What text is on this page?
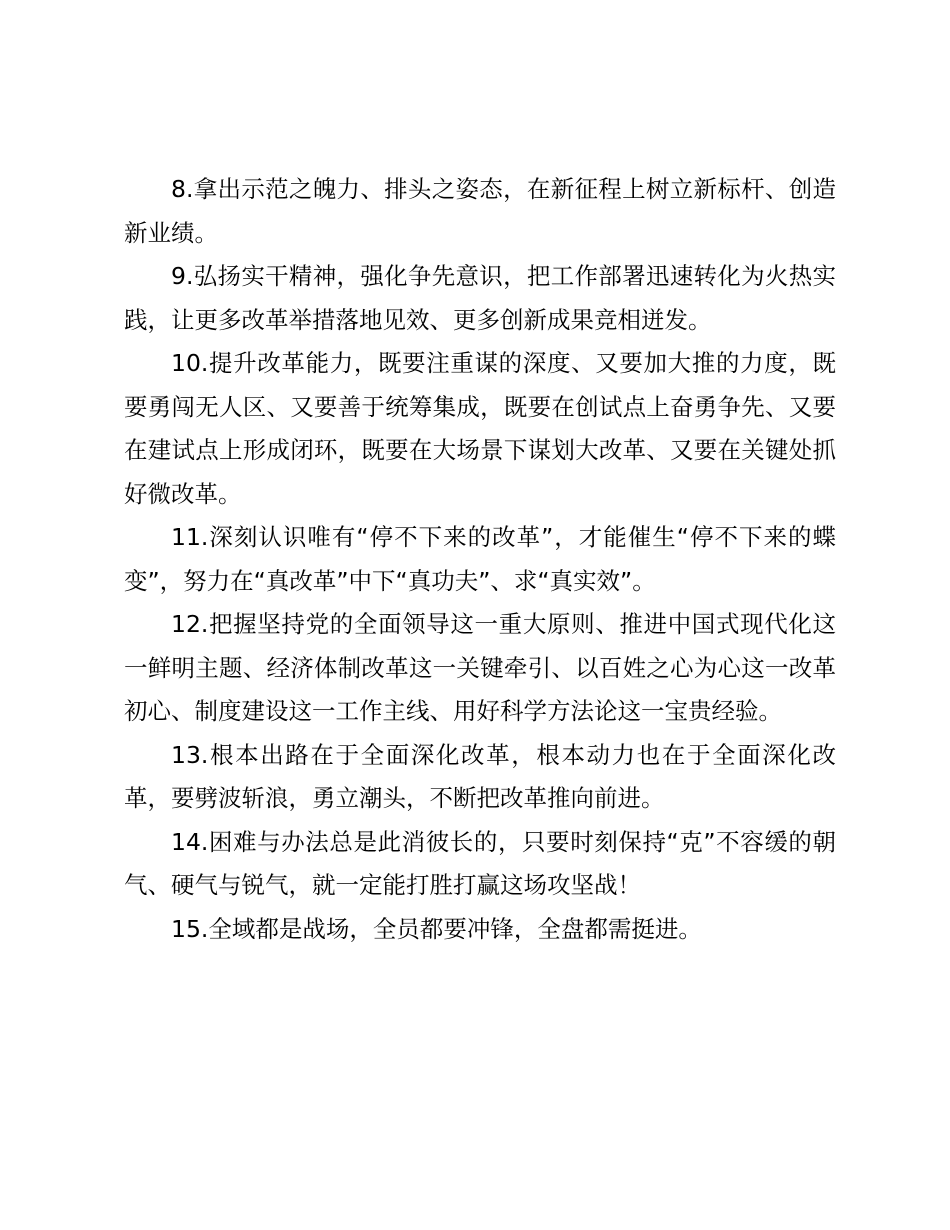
8.拿出示范之魄力、排头之姿态，在新征程上树立新标杆、创造新业绩。

9.弘扬实干精神，强化争先意识，把工作部署迅速转化为火热实践，让更多改革举措落地见效、更多创新成果竞相迸发。

10.提升改革能力，既要注重谋的深度、又要加大推的力度，既要勇闯无人区、又要善于统筹集成，既要在创试点上奋勇争先、又要在建试点上形成闭环，既要在大场景下谋划大改革、又要在关键处抓好微改革。

11.深刻认识唯有“停不下来的改革”，才能催生“停不下来的蝶变”，努力在“真改革”中下“真功夫”、求“真实效”。

12.把握坚持党的全面领导这一重大原则、推进中国式现代化这一鲜明主题、经济体制改革这一关键牵引、以百姓之心为心这一改革初心、制度建设这一工作主线、用好科学方法论这一宝贵经验。

13.根本出路在于全面深化改革，根本动力也在于全面深化改革，要劈波斩浪，勇立潮头，不断把改革推向前进。

14.困难与办法总是此消彼长的，只要时刻保持“克”不容缓的朝气、硬气与锐气，就一定能打胜打赢这场攻坚战！

15.全域都是战场，全员都要冲锋，全盘都需挺进。
